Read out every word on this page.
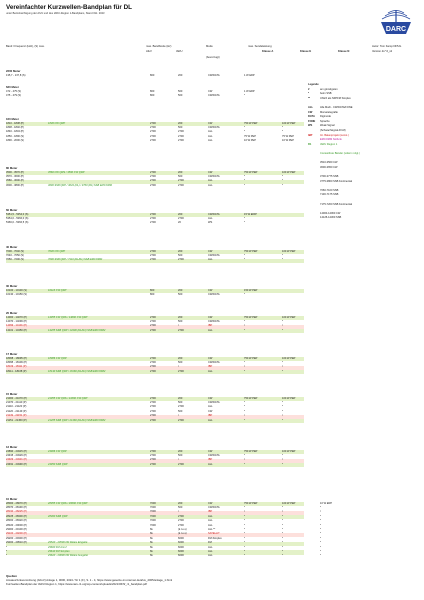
Vereinfachter Kurzwellen-Bandplan für DL
unter Berücksichtigung der AfuV und des IARU-Region 1-Bandplans, Stand Okt. 2023
Band / Frequenz (kHz), (S) max.	max. Bandbreite (Hz)
AfuV	IARU
Mode
(bevorzugt)
max. Sendeleistung
Klasse A	Klasse E	Klasse N
Autor: Tom Kamp DF5JL
Version dx.*d_v2
DARC
2200 Meter
135,7 - 137,8 (S)	800	200	CW/DATA	1 W ERP
630 Meter
472 - 475 (S)	800	500	CW	1 W ERP
475 - 479 (S)	800	500	CW/DATA	*
160 Meter
1810 - 1838 (P)	1836 CW QRP	2700	200	CW	750 W PEP	100 W PEP
1838 - 1840 (P)	2700	500	CW/DATA	*	*
1840 - 1843 (P)	2700	2700	ALL	*	*
1850 - 1890 (S)	2700	2700	ALL	75 W PEP	75 W PEP
1890 - 2000 (S)	2700	2700	ALL	10 W PEP	10 W PEP
80 Meter
3500 - 3570 (P)	3560 CW QRS / 3560 CW QRP	2700	200	CW	750 W PEP	100 W PEP
3570 - 3600 (P)	2700	500	CW/DATA	*	*
3580 - 3600 (P)	2700	2700	ALL	*	*
3600 - 3800 (P)	3690 SSB QRP / 3643 (DL) / 3760 (R1) SSB EMCOMM	2700	2700	ALL	*	*
60 Meter
5351,5 - 5354,0 (S)	2700	200	CW/DATA	15 W EIRP
5354,0 - 5366,0 (S)	2700	2700	ALL	*
5366,0 - 5366,5 (S)	2700	20	WS	*
40 Meter
7000 - 7040 (S)	7030 CW QRP	2700	200	CW	750 W PEP	100 W PEP
7040 - 7050 (S)	2700	500	CW/DATA	*	*
7050 - 7200 (S)	7090 SSB QRP / 7110 (DL/R1) SSB EMCOMM	2700	2700	ALL	*	*
30 Meter
10100 - 10130 (S)	10116 CW QRP	800	200	CW	150 W PEP
10130 - 10150 (S)	800	500	CW/DATA	*
20 Meter
14000 - 14070 (P)	14055 CW QRS / 14060 CW QRP	2700	200	CW	750 W PEP	100 W PEP
14070 - 14099 (P)	2700	500	CW/DATA	*	*
14099 - 14101 (P)	2700	/	IBP	/	/
14101 - 14350 (P)	14285 SSB QRP / 14300 (DL/R1) SSB EMCOMM	2700	2700	ALL	*	*
17 Meter
18068 - 18095 (P)	18086 CW QRP	2700	200	CW	750 W PEP	100 W PEP
18095 - 18109 (P)	2700	500	CW/DATA	*	*
18109 - 18111 (P)	2700	/	IBP	/	/
18111 - 18168 (P)	18130 SSB QRP / 18160 (DL/R1) SSB EMCOMM	2700	2700	ALL	*	*
15 Meter
21000 - 21070 (P)	21055 CW QRS / 21060 CW QRP	2700	200	CW	750 W PEP	100 W PEP
21070 - 21110 (P)	2700	500	CW/DATA	*	*
21110 - 21120 (P)	2700	2700	ALL	*	*
21120 - 21149 (P)	2700	500	CW	*	*
21149 - 21151 (P)	2700	/	IBP	/	/
21151 - 21450 (P)	21285 SSB QRP / 21360 (DL/R1) SSB EMCOMM	2700	2700	ALL	*	*
12 Meter
24890 - 24915 (P)	24906 CW QRP	2700	200	CW	750 W PEP	100 W PEP
24915 - 24929 (P)	2700	500	CW/DATA	*	*
24929 - 24931 (P)	2700	/	IBP	/	/
24931 - 24990 (P)	24950 SSB QRP	2700	2700	ALL	*	*
10 Meter
28000 - 28070 (P)	28055 CW QRS / 28060 CW QRP	7000	200	CW	750 W PEP	100 W PEP	10 W ERP
28070 - 28190 (P)	7000	500	CW/DATA	*	*	*
28190 - 28225 (P)	7000	/	IBP	/	/	/
28225 - 28300 (P)	28300 SSB QRP	7000	2700	ALL	*	*	*
28300 - 28320 (P)	7000	2700	ALL	*	*	*
28320 - 29000 (P)	7000	2700	ALL	*	*	*
29000 - 29100 (P)	6k	(k.I.e.s)	ALL **	*	*	*
29100 - 29200 (P)	6k	(k.I.e.s)	SATELLIT	*	*	*
29200 - 29300 (P)	6k	6000	FM-Simplex	*	*	*
29300 - 29510 (P)	29520 - 29590 FM Relais Eingabe	6k	6000	FM	*	*	*
*	29600 FM Anruf	6k	6000	ALL	*	*	*
*	29610 FM Simplex	6k	6000	ALL	*	*	*
*	29620 - 29690 FM Relais Ausgabe	6k	6000	ALL	*	*	*
Legende
#	am günstigsten
*	beim SSB
**	Uhlich als NFPFM Simplex
ALL	Alle Modi - CW/DATA/FONE
CW	Morsetelegrafie
DATA Digimode
FONE Sprache
WS	Weak Signal
(Schwachsignal-FN-8)
IBP	Int. Bakenprojekt (sonst.)
EMCOMM Notfunk
R1	IARU Region 1
Contestfreie Bänder (sofern mögl.)
3510-3560 CW
3600-3650 CW
3700-3775 SSB
3775-3800 SSB Kontinental
7060-7100 SSB
7130-7175 SSB
7175-7200 SSB Kontinental
14000-14060 CW
14125-14300 SSB
Quellen
Amateurfunkverordnung (AFuV) Anlage 1, 0000, 2024 / Nr 1 (F), S. 1 - 4, https://www.gesetze-im-internet.de/afuv_2005/anlage_1.html
Kurzwellen-Bandplan der IARU Region 1, https://www.iaru-r1.org/wp-content/uploads/2021/06/hf_r1_bandplan.pdf
